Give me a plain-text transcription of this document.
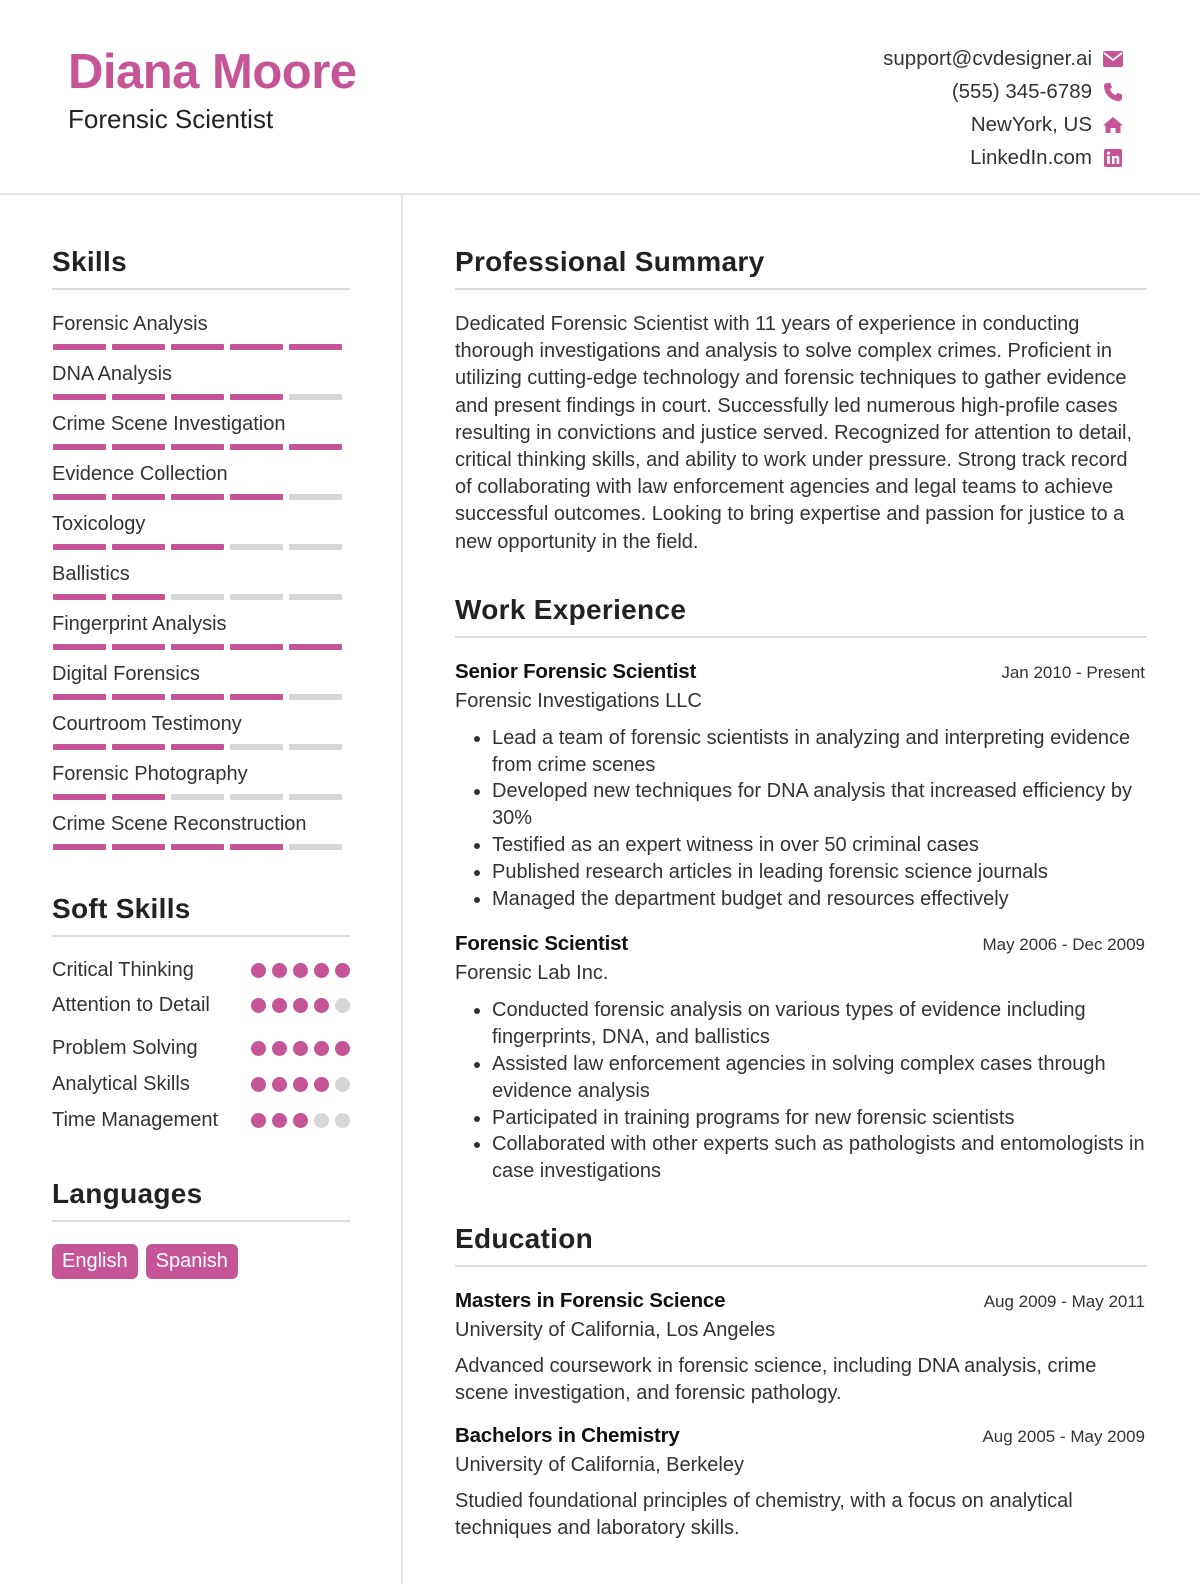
Diana Moore
Forensic Scientist
support@cvdesigner.ai
(555) 345-6789
NewYork, US
LinkedIn.com
Skills
Forensic Analysis
DNA Analysis
Crime Scene Investigation
Evidence Collection
Toxicology
Ballistics
Fingerprint Analysis
Digital Forensics
Courtroom Testimony
Forensic Photography
Crime Scene Reconstruction
Soft Skills
Critical Thinking
Attention to Detail
Problem Solving
Analytical Skills
Time Management
Languages
English	Spanish
Professional Summary
Dedicated Forensic Scientist with 11 years of experience in conducting thorough investigations and analysis to solve complex crimes. Proficient in utilizing cutting-edge technology and forensic techniques to gather evidence and present findings in court. Successfully led numerous high-profile cases resulting in convictions and justice served. Recognized for attention to detail, critical thinking skills, and ability to work under pressure. Strong track record of collaborating with law enforcement agencies and legal teams to achieve successful outcomes. Looking to bring expertise and passion for justice to a new opportunity in the field.
Work Experience
Senior Forensic Scientist	Jan 2010 - Present
Forensic Investigations LLC
• Lead a team of forensic scientists in analyzing and interpreting evidence from crime scenes
• Developed new techniques for DNA analysis that increased efficiency by 30%
• Testified as an expert witness in over 50 criminal cases
• Published research articles in leading forensic science journals
• Managed the department budget and resources effectively
Forensic Scientist	May 2006 - Dec 2009
Forensic Lab Inc.
• Conducted forensic analysis on various types of evidence including fingerprints, DNA, and ballistics
• Assisted law enforcement agencies in solving complex cases through evidence analysis
• Participated in training programs for new forensic scientists
• Collaborated with other experts such as pathologists and entomologists in case investigations
Education
Masters in Forensic Science	Aug 2009 - May 2011
University of California, Los Angeles
Advanced coursework in forensic science, including DNA analysis, crime scene investigation, and forensic pathology.
Bachelors in Chemistry	Aug 2005 - May 2009
University of California, Berkeley
Studied foundational principles of chemistry, with a focus on analytical techniques and laboratory skills.
